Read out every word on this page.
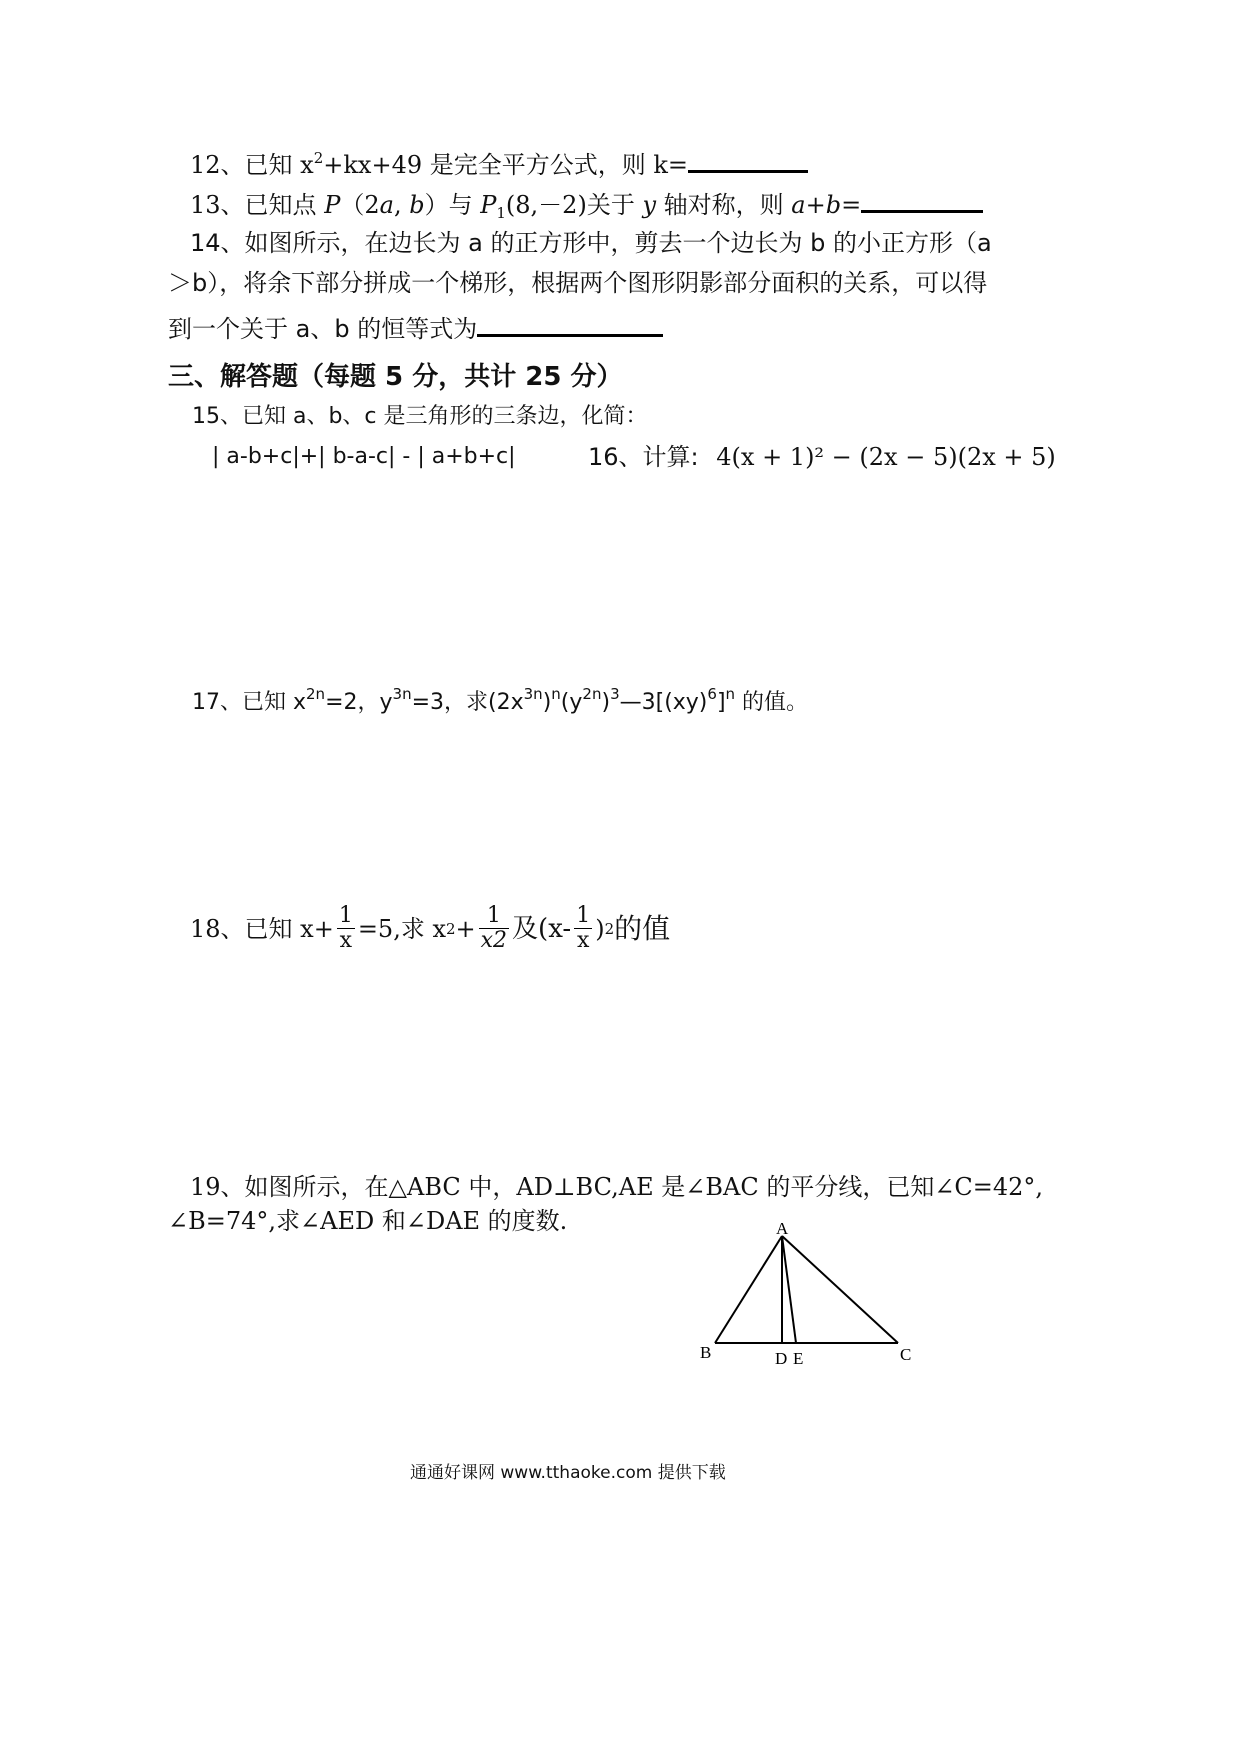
12、已知 $x^2+kx+49$ 是完全平方公式，则 k=
13、已知点 P（2a, b）与 $P_1(8,-2)$关于 y 轴对称，则 a+b=
14、如图所示，在边长为 a 的正方形中，剪去一个边长为 b 的小正方形（a
＞b），将余下部分拼成一个梯形，根据两个图形阴影部分面积的关系，可以得
到一个关于 a、b 的恒等式为
三、解答题（每题 5 分，共计 25 分）
15、已知 a、b、c 是三角形的三条边，化简：
| a-b+c|+| b-a-c| - | a+b+c|	16、计算: 4(x + 1)² − (2x − 5)(2x + 5)
17、已知 $x^{2n}=2$，$y^{3n}=3$，求$(2x^{3n})^n(y^{2n})^3—3[(xy)^6]^n$ 的值。
18、已知 $x+ \frac{1}{x} =5$,求 x $2 + \frac{1}{x2}$ 及($x- \frac{1}{x}$ ) 2 的值
19、如图所示，在△ABC 中，AD⊥BC,AE 是∠BAC 的平分线，已知∠C=42°,
∠B=74°,求∠AED 和∠DAE 的度数.	A
B	C
D E
通通好课网 www.tthaoke.com 提供下载
